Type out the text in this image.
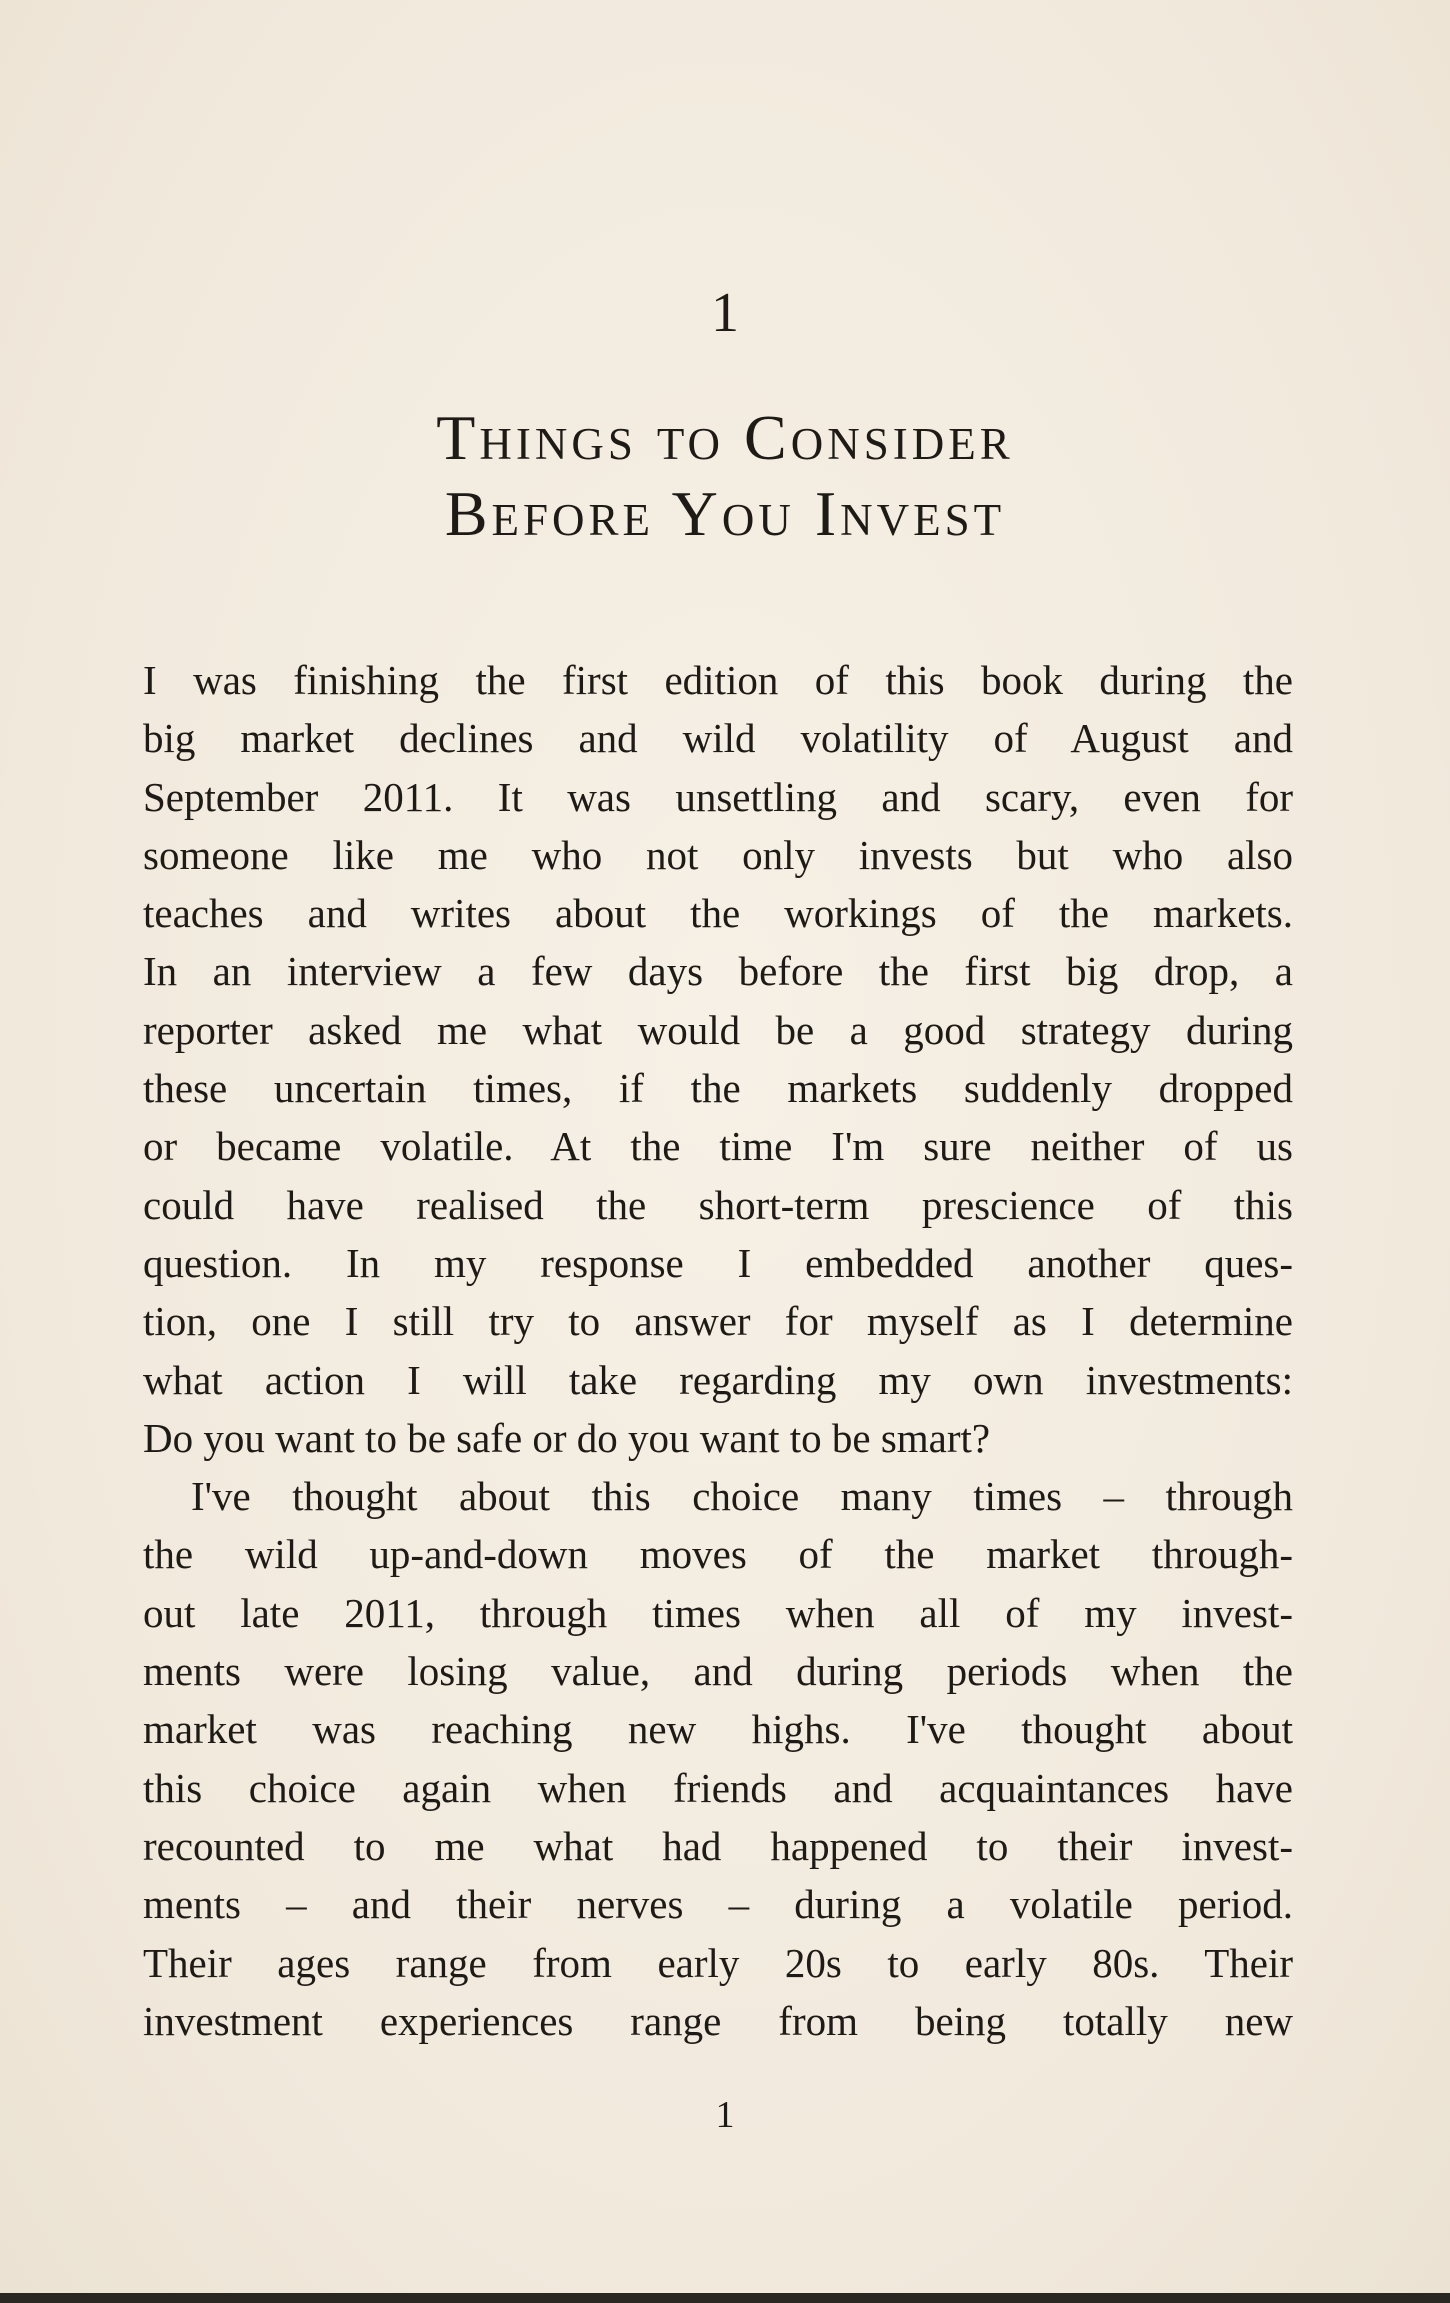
1
Things to Consider
Before You Invest
I was finishing the first edition of this book during the
big market declines and wild volatility of August and
September 2011. It was unsettling and scary, even for
someone like me who not only invests but who also
teaches and writes about the workings of the markets.
In an interview a few days before the first big drop, a
reporter asked me what would be a good strategy during
these uncertain times, if the markets suddenly dropped
or became volatile. At the time I'm sure neither of us
could have realised the short-term prescience of this
question. In my response I embedded another ques-
tion, one I still try to answer for myself as I determine
what action I will take regarding my own investments:
Do you want to be safe or do you want to be smart?
I've thought about this choice many times – through
the wild up-and-down moves of the market through-
out late 2011, through times when all of my invest-
ments were losing value, and during periods when the
market was reaching new highs. I've thought about
this choice again when friends and acquaintances have
recounted to me what had happened to their invest-
ments – and their nerves – during a volatile period.
Their ages range from early 20s to early 80s. Their
investment experiences range from being totally new
1
